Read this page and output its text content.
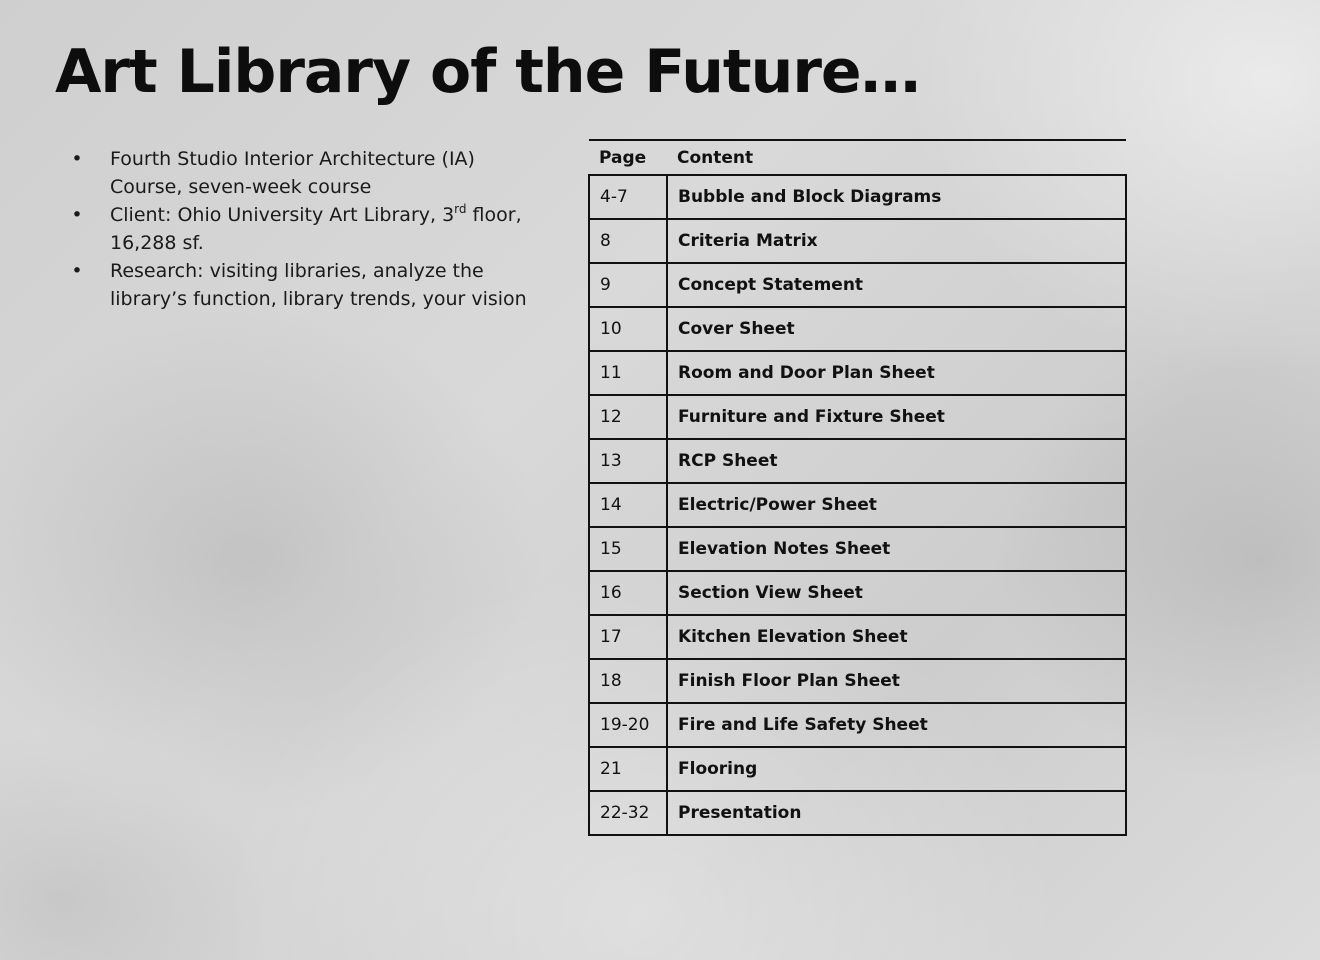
Art Library of the Future…
• Fourth Studio Interior Architecture (IA) Course, seven-week course
• Client: Ohio University Art Library, 3rd floor, 16,288 sf.
• Research: visiting libraries, analyze the library’s function, library trends, your vision
Page	Content
4-7	Bubble and Block Diagrams
8	Criteria Matrix
9	Concept Statement
10	Cover Sheet
11	Room and Door Plan Sheet
12	Furniture and Fixture Sheet
13	RCP Sheet
14	Electric/Power Sheet
15	Elevation Notes Sheet
16	Section View Sheet
17	Kitchen Elevation Sheet
18	Finish Floor Plan Sheet
19-20	Fire and Life Safety Sheet
21	Flooring
22-32	Presentation
